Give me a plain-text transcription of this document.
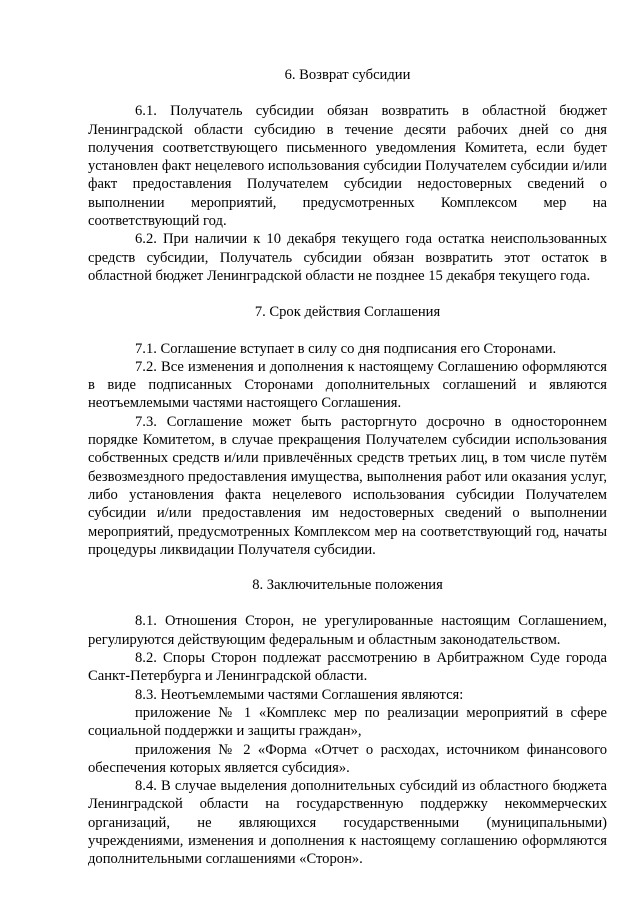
6. Возврат субсидии

6.1. Получатель субсидии обязан возвратить в областной бюджет Ленинградской области субсидию в течение десяти рабочих дней со дня получения соответствующего письменного уведомления Комитета, если будет установлен факт нецелевого использования субсидии Получателем субсидии и/или факт предоставления Получателем субсидии недостоверных сведений о выполнении мероприятий, предусмотренных Комплексом мер на соответствующий год.

6.2. При наличии к 10 декабря текущего года остатка неиспользованных средств субсидии, Получатель субсидии обязан возвратить этот остаток в областной бюджет Ленинградской области не позднее 15 декабря текущего года.

7. Срок действия Соглашения

7.1. Соглашение вступает в силу со дня подписания его Сторонами.

7.2. Все изменения и дополнения к настоящему Соглашению оформляются в виде подписанных Сторонами дополнительных соглашений и являются неотъемлемыми частями настоящего Соглашения.

7.3. Соглашение может быть расторгнуто досрочно в одностороннем порядке Комитетом, в случае прекращения Получателем субсидии использования собственных средств и/или привлечённых средств третьих лиц, в том числе путём безвозмездного предоставления имущества, выполнения работ или оказания услуг, либо установления факта нецелевого использования субсидии Получателем субсидии и/или предоставления им недостоверных сведений о выполнении мероприятий, предусмотренных Комплексом мер на соответствующий год, начаты процедуры ликвидации Получателя субсидии.

8. Заключительные положения

8.1. Отношения Сторон, не урегулированные настоящим Соглашением, регулируются действующим федеральным и областным законодательством.

8.2. Споры Сторон подлежат рассмотрению в Арбитражном Суде города Санкт-Петербурга и Ленинградской области.

8.3. Неотъемлемыми частями Соглашения являются:

приложение № 1 «Комплекс мер по реализации мероприятий в сфере социальной поддержки и защиты граждан»,

приложения № 2 «Форма «Отчет о расходах, источником финансового обеспечения которых является субсидия».

8.4. В случае выделения дополнительных субсидий из областного бюджета Ленинградской области на государственную поддержку некоммерческих организаций, не являющихся государственными (муниципальными) учреждениями, изменения и дополнения к настоящему соглашению оформляются дополнительными соглашениями «Сторон».
